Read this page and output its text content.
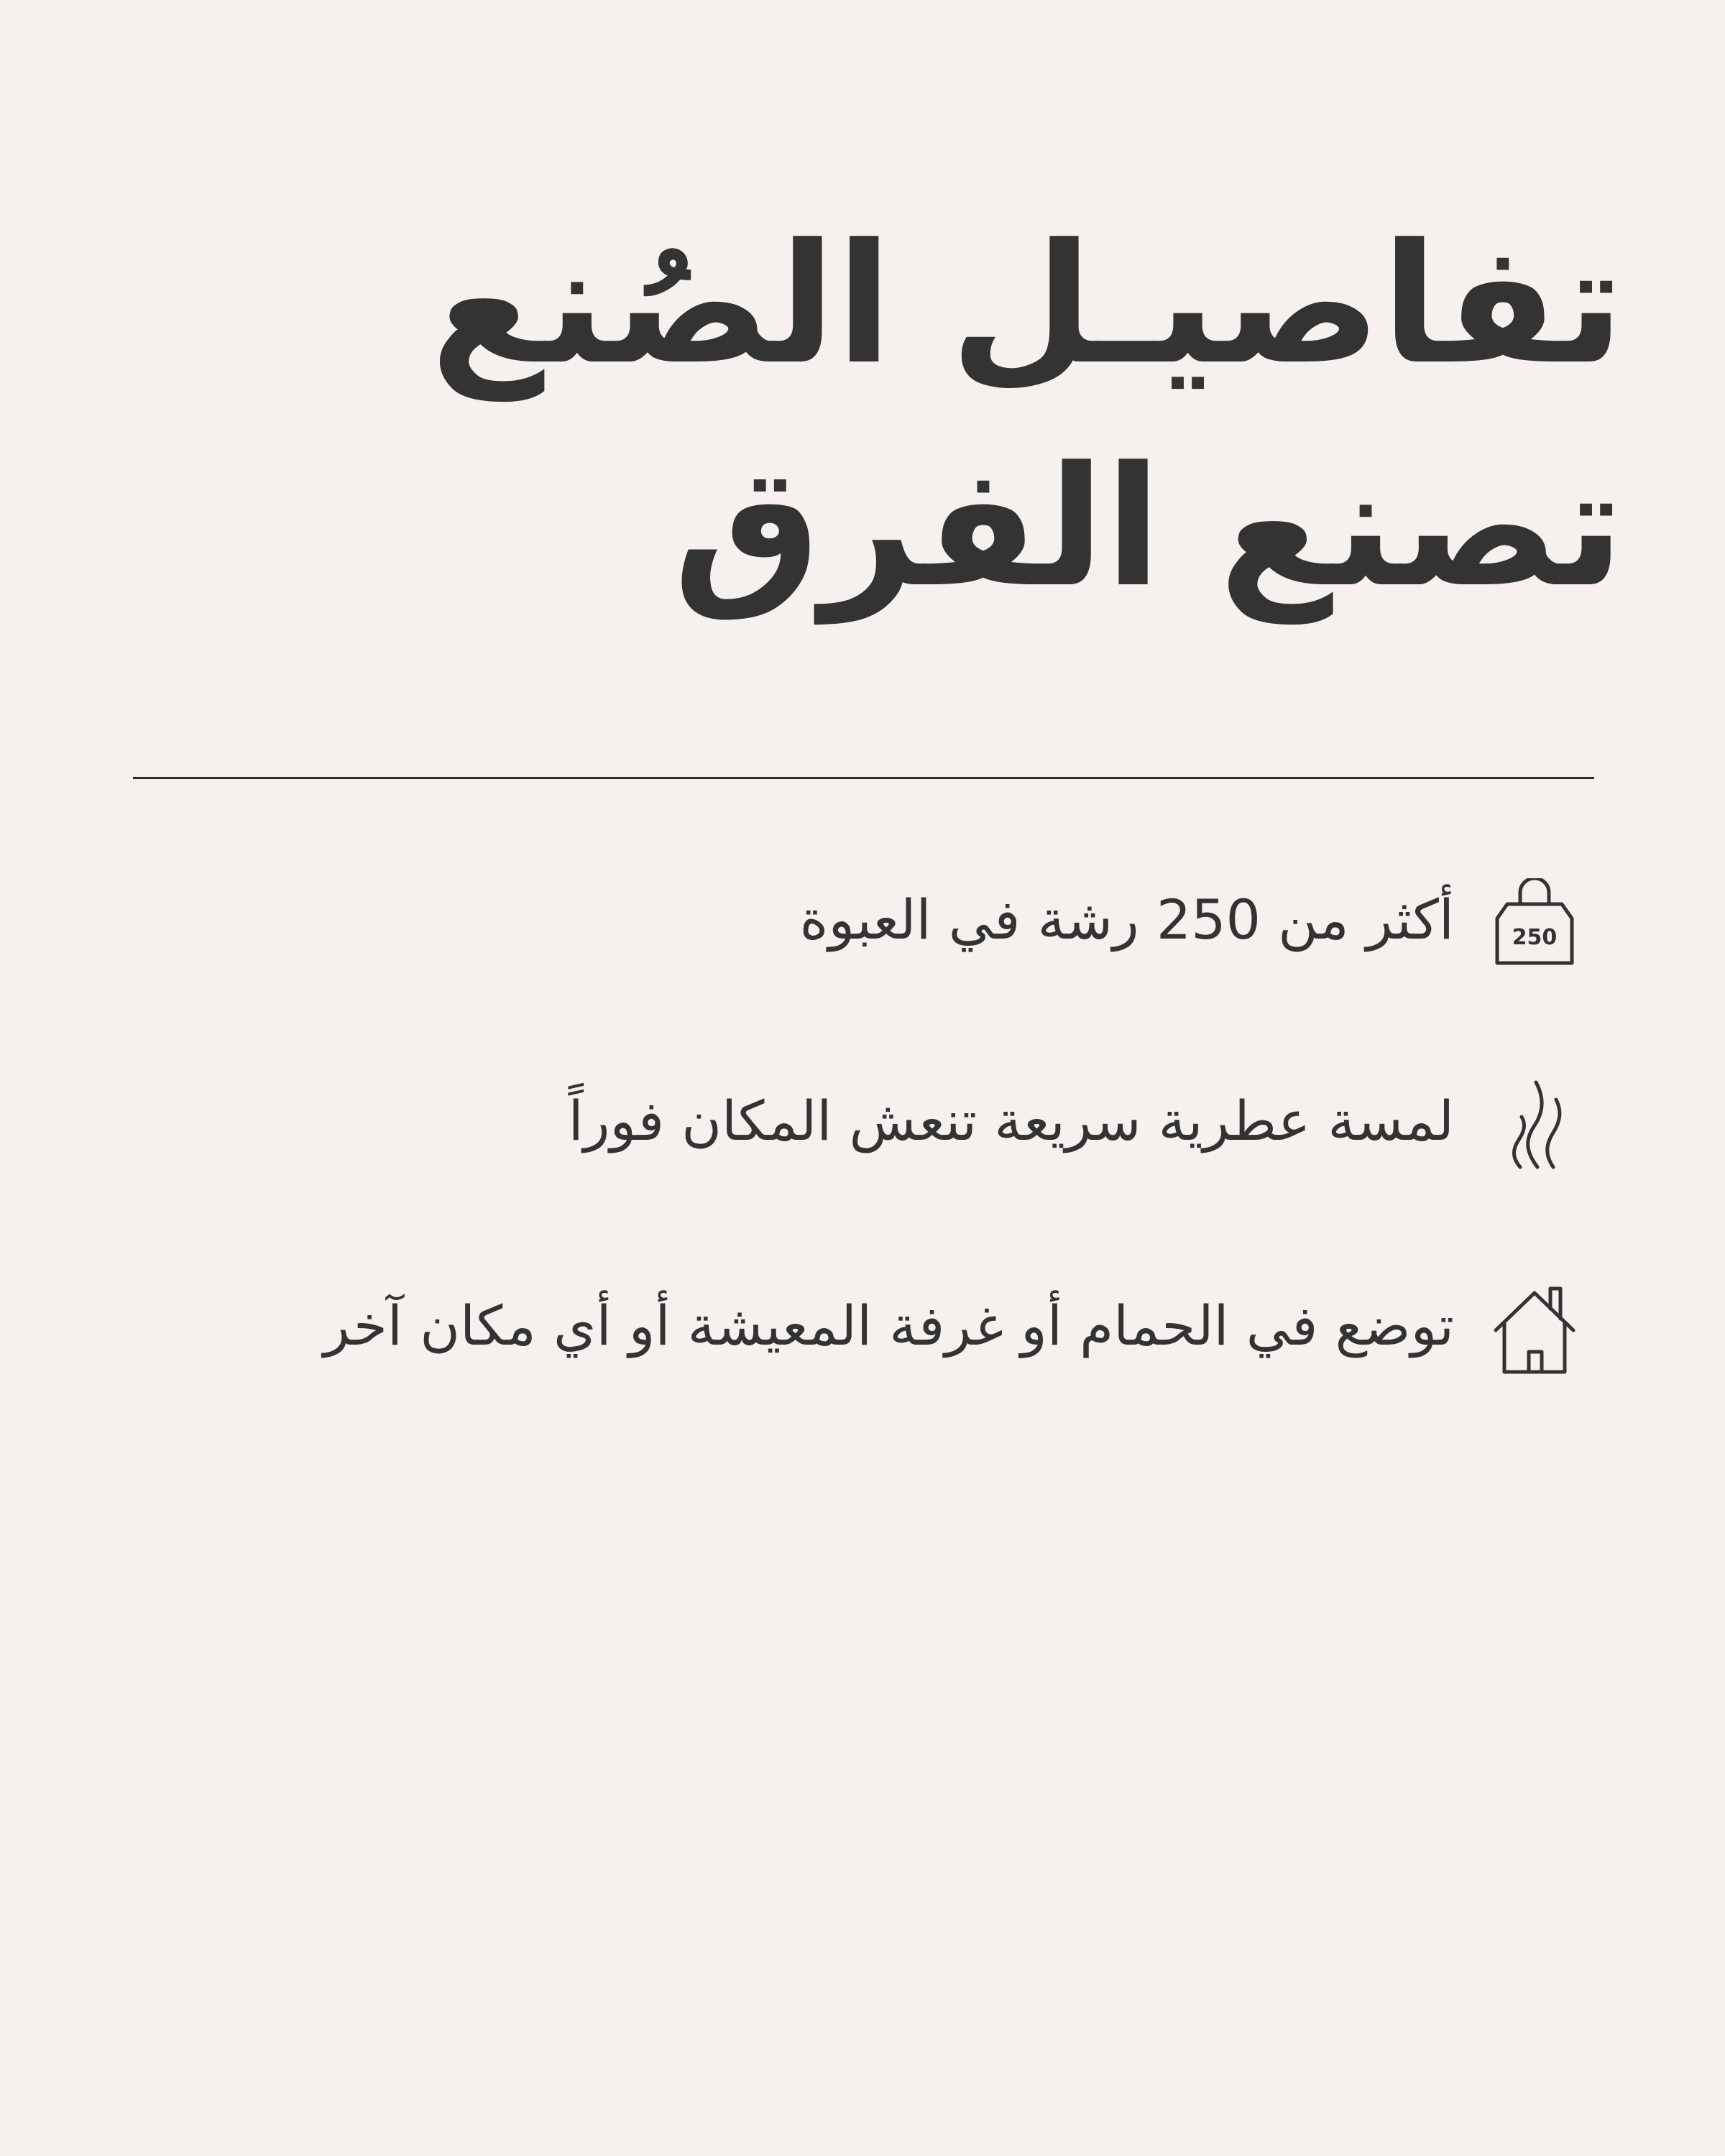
تفاصيـل الصُنع
تصنع الفرق
250
أكثر من 250 رشة في العبوة
لمسة عطرية سريعة تنعش المكان فوراً
توضع في الحمام أو غرفة المعيشة أو أي مكان آخر
